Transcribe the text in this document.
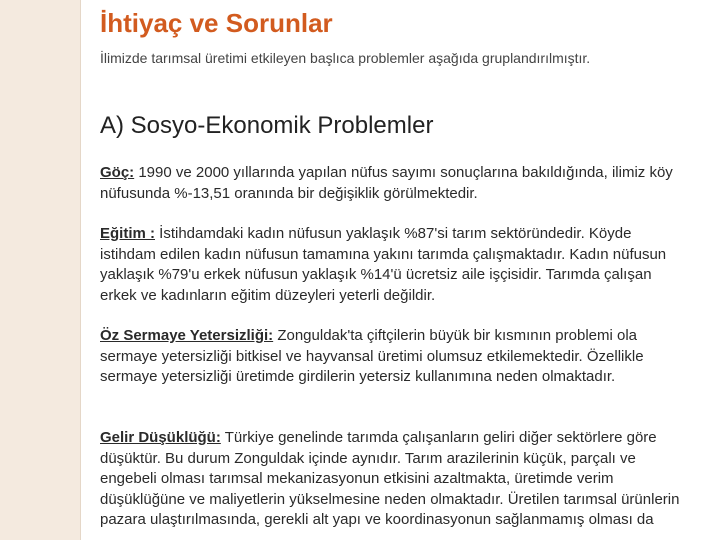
İhtiyaç ve Sorunlar

İlimizde tarımsal üretimi etkileyen başlıca problemler aşağıda gruplandırılmıştır.

A) Sosyo-Ekonomik Problemler

Göç: 1990 ve 2000 yıllarında yapılan nüfus sayımı sonuçlarına bakıldığında, ilimiz köy nüfusunda %-13,51 oranında bir değişiklik görülmektedir.

Eğitim : İstihdamdaki kadın nüfusun yaklaşık %87'si tarım sektöründedir. Köyde istihdam edilen kadın nüfusun tamamına yakını tarımda çalışmaktadır. Kadın nüfusun yaklaşık %79'u erkek nüfusun yaklaşık %14'ü ücretsiz aile işçisidir. Tarımda çalışan erkek ve kadınların eğitim düzeyleri yeterli değildir.

Öz Sermaye Yetersizliği: Zonguldak'ta çiftçilerin büyük bir kısmının problemi ola sermaye yetersizliği bitkisel ve hayvansal üretimi olumsuz etkilemektedir. Özellikle sermaye yetersizliği üretimde girdilerin yetersiz kullanımına neden olmaktadır.

Gelir Düşüklüğü: Türkiye genelinde tarımda çalışanların geliri diğer sektörlere göre düşüktür. Bu durum Zonguldak içinde aynıdır. Tarım arazilerinin küçük, parçalı ve engebeli olması tarımsal mekanizasyonun etkisini azaltmakta, üretimde verim düşüklüğüne ve maliyetlerin yükselmesine neden olmaktadır. Üretilen tarımsal ürünlerin pazara ulaştırılmasında, gerekli alt yapı ve koordinasyonun sağlanmamış olması da
